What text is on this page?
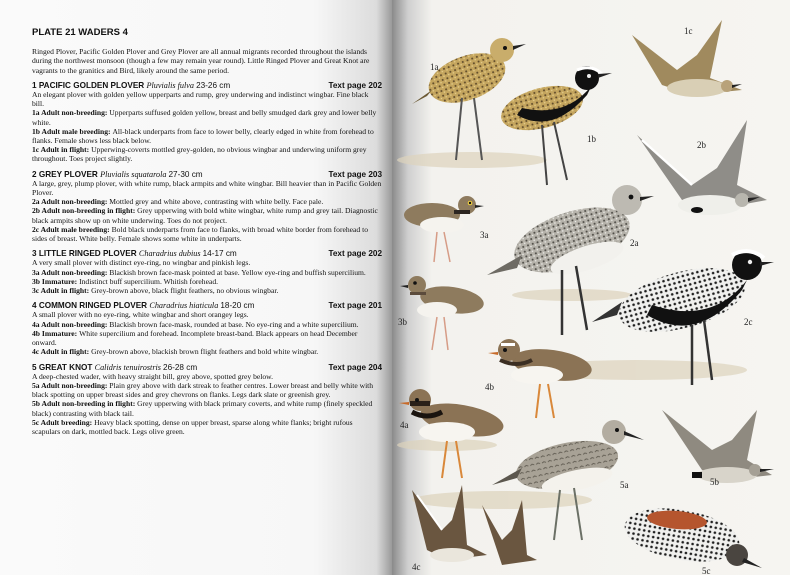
PLATE 21 WADERS 4
Ringed Plover, Pacific Golden Plover and Grey Plover are all annual migrants recorded throughout the islands during the northwest monsoon (though a few may remain year round). Little Ringed Plover and Great Knot are vagrants to the granitics and Bird, likely around the same period.
1 PACIFIC GOLDEN PLOVER Pluvialis fulva 23-26 cm	Text page 202
An elegant plover with golden yellow upperparts and rump, grey underwing and indistinct wingbar. Fine black bill.
1a Adult non-breeding: Upperparts suffused golden yellow, breast and belly smudged dark grey and lower belly white.
1b Adult male breeding: All-black underparts from face to lower belly, clearly edged in white from forehead to flanks. Female shows less black below.
1c Adult in flight: Upperwing-coverts mottled grey-golden, no obvious wingbar and underwing uniform grey throughout. Toes project slightly.
2 GREY PLOVER Pluvialis squatarola 27-30 cm	Text page 203
A large, grey, plump plover, with white rump, black armpits and white wingbar. Bill heavier than in Pacific Golden Plover.
2a Adult non-breeding: Mottled grey and white above, contrasting with white belly. Face pale.
2b Adult non-breeding in flight: Grey upperwing with bold white wingbar, white rump and grey tail. Diagnostic black armpits show up on white underwing. Toes do not project.
2c Adult male breeding: Bold black underparts from face to flanks, with broad white border from forehead to sides of breast. White belly. Female shows some white in underparts.
3 LITTLE RINGED PLOVER Charadrius dubius 14-17 cm	Text page 202
A very small plover with distinct eye-ring, no wingbar and pinkish legs.
3a Adult non-breeding: Blackish brown face-mask pointed at base. Yellow eye-ring and buffish supercilium.
3b Immature: Indistinct buff supercilium. Whitish forehead.
3c Adult in flight: Grey-brown above, black flight feathers, no obvious wingbar.
4 COMMON RINGED PLOVER Charadrius hiaticula 18-20 cm	Text page 201
A small plover with no eye-ring, white wingbar and short orangey legs.
4a Adult non-breeding: Blackish brown face-mask, rounded at base. No eye-ring and a white supercilium.
4b Immature: White supercilium and forehead. Incomplete breast-band. Black appears on head December onward.
4c Adult in flight: Grey-brown above, blackish brown flight feathers and bold white wingbar.
5 GREAT KNOT Calidris tenuirostris 26-28 cm	Text page 204
A deep-chested wader, with heavy straight bill, grey above, spotted grey below.
5a Adult non-breeding: Plain grey above with dark streak to feather centres. Lower breast and belly white with black spotting on upper breast sides and grey chevrons on flanks. Legs dark slate or greenish grey.
5b Adult non-breeding in flight: Grey upperwing with black primary coverts, and white rump (finely speckled black) contrasting with black tail.
5c Adult breeding: Heavy black spotting, dense on upper breast, sparse along white flanks; bright rufous scapulars on dark, mottled back. Legs olive green.
1a
1b
1c
2b
3a
2a
3b	2c
4b
4a
5a	5b
4c	5c
